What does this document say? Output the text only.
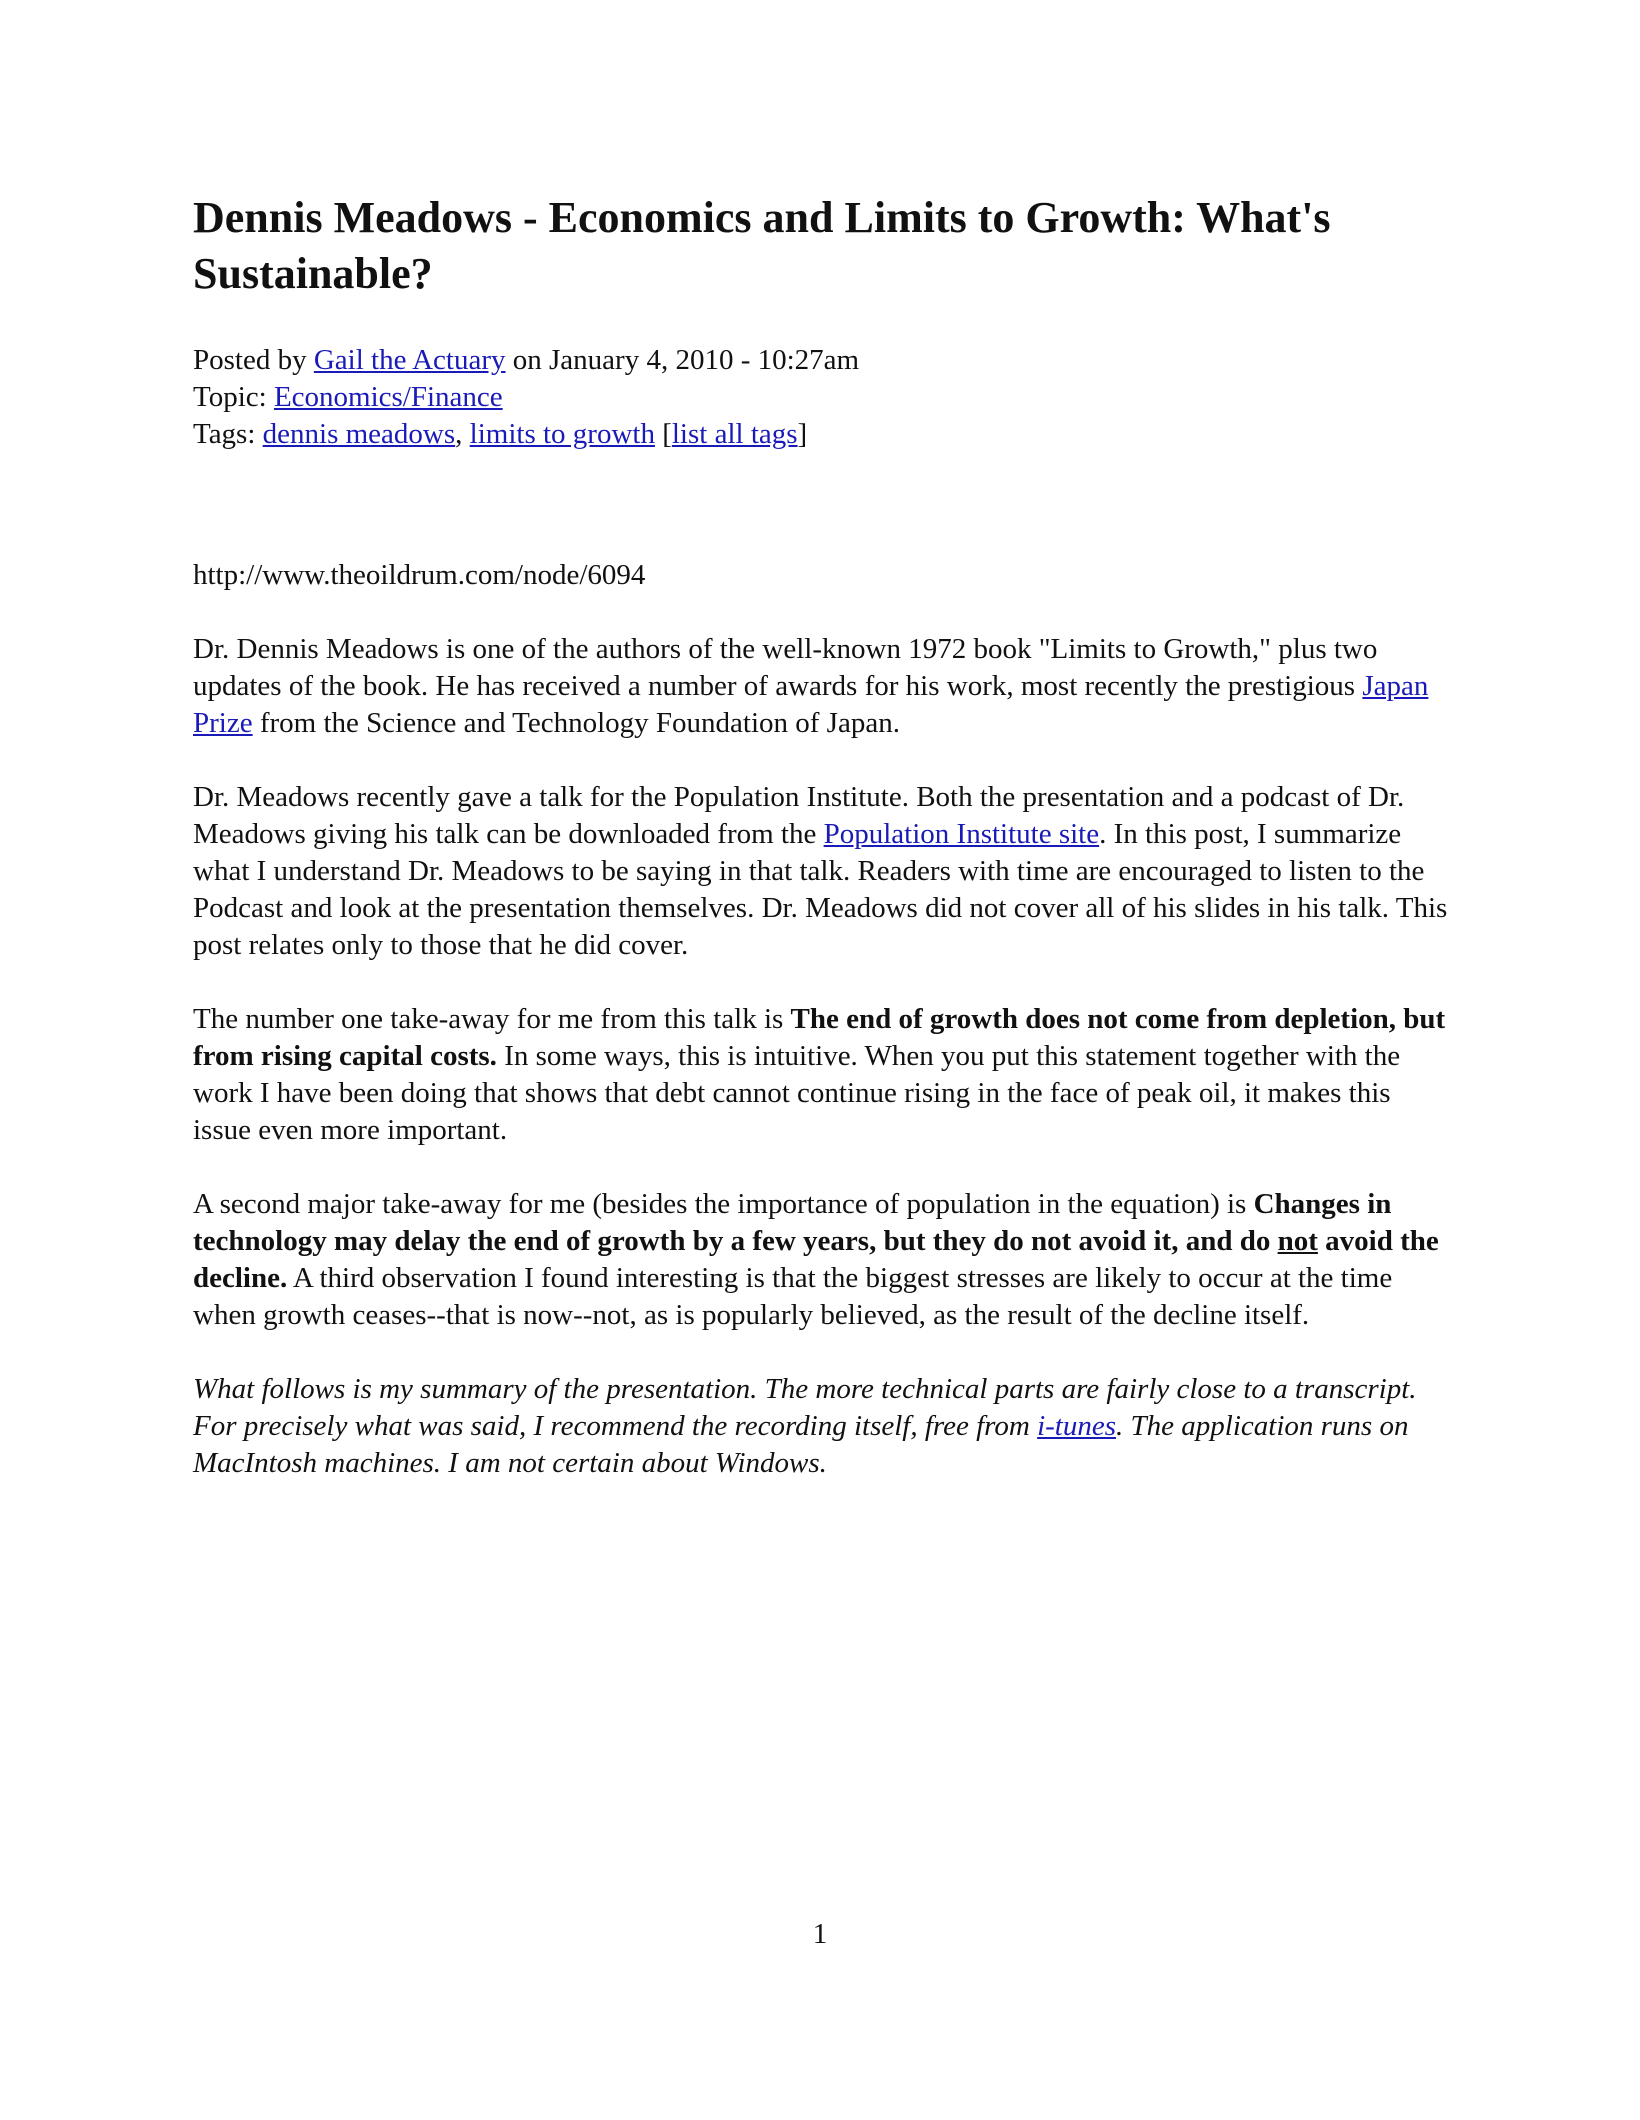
Dennis Meadows - Economics and Limits to Growth: What's Sustainable?
Posted by Gail the Actuary on January 4, 2010 - 10:27am
Topic: Economics/Finance
Tags: dennis meadows, limits to growth [list all tags]
http://www.theoildrum.com/node/6094

Dr. Dennis Meadows is one of the authors of the well-known 1972 book "Limits to Growth," plus two updates of the book. He has received a number of awards for his work, most recently the prestigious Japan Prize from the Science and Technology Foundation of Japan.

Dr. Meadows recently gave a talk for the Population Institute. Both the presentation and a podcast of Dr. Meadows giving his talk can be downloaded from the Population Institute site. In this post, I summarize what I understand Dr. Meadows to be saying in that talk. Readers with time are encouraged to listen to the Podcast and look at the presentation themselves. Dr. Meadows did not cover all of his slides in his talk. This post relates only to those that he did cover.

The number one take-away for me from this talk is The end of growth does not come from depletion, but from rising capital costs. In some ways, this is intuitive. When you put this statement together with the work I have been doing that shows that debt cannot continue rising in the face of peak oil, it makes this issue even more important.

A second major take-away for me (besides the importance of population in the equation) is Changes in technology may delay the end of growth by a few years, but they do not avoid it, and do not avoid the decline. A third observation I found interesting is that the biggest stresses are likely to occur at the time when growth ceases--that is now--not, as is popularly believed, as the result of the decline itself.

What follows is my summary of the presentation. The more technical parts are fairly close to a transcript. For precisely what was said, I recommend the recording itself, free from i-tunes. The application runs on MacIntosh machines. I am not certain about Windows.

1
